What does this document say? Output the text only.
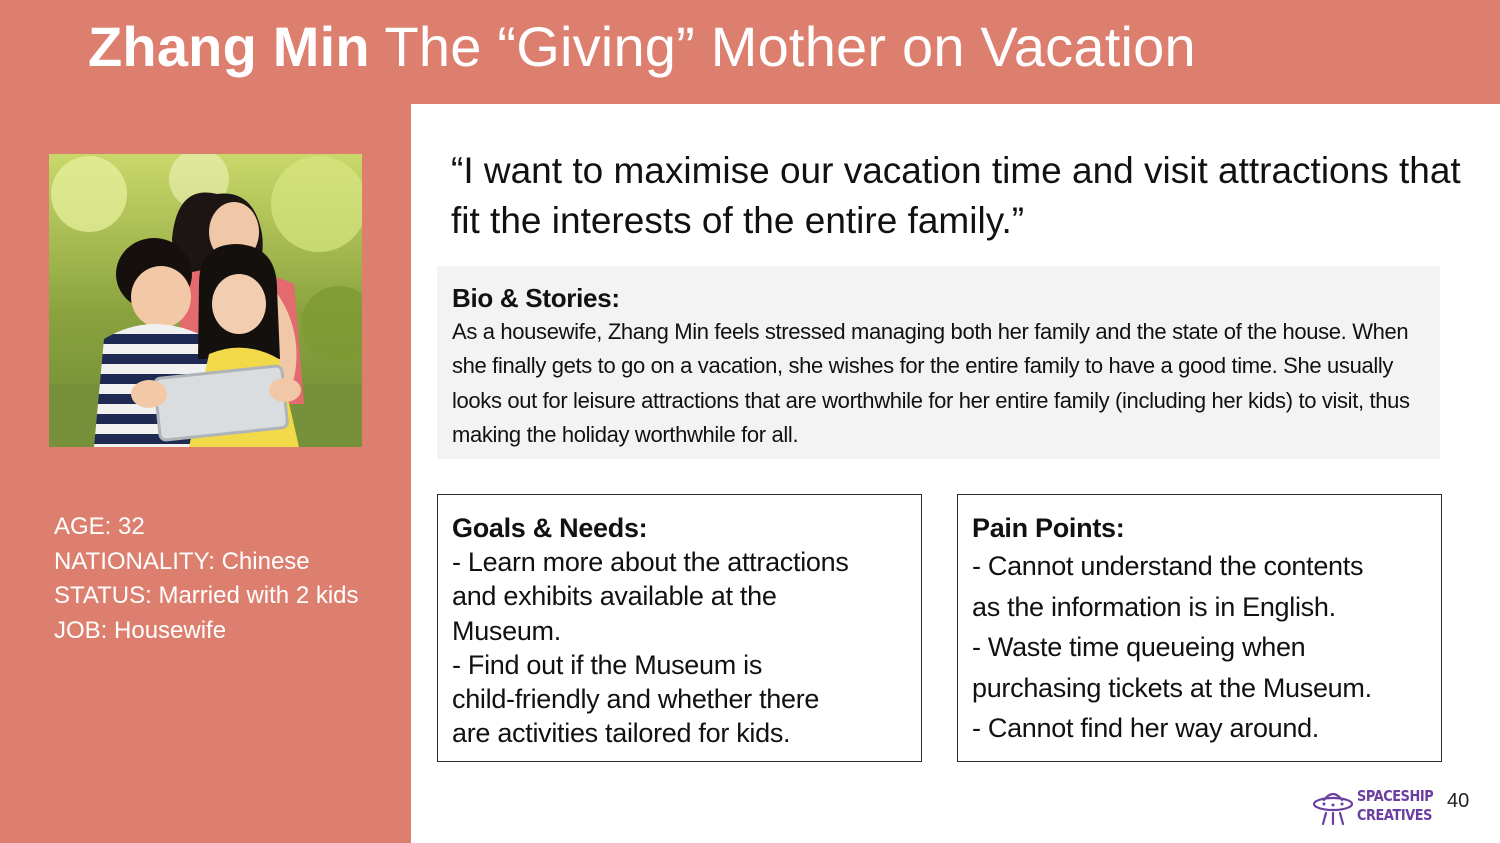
Zhang Min The “Giving” Mother on Vacation
AGE: 32
NATIONALITY: Chinese
STATUS: Married with 2 kids
JOB: Housewife
“I want to maximise our vacation time and visit attractions that fit the interests of the entire family.”
Bio & Stories:
As a housewife, Zhang Min feels stressed managing both her family and the state of the house. When she finally gets to go on a vacation, she wishes for the entire family to have a good time. She usually looks out for leisure attractions that are worthwhile for her entire family (including her kids) to visit, thus making the holiday worthwhile for all.
Goals & Needs:
- Learn more about the attractions
and exhibits available at the
Museum.
- Find out if the Museum is
child-friendly and whether there
are activities tailored for kids.
Pain Points:
- Cannot understand the contents
as the information is in English.
- Waste time queueing when
purchasing tickets at the Museum.
- Cannot find her way around.
SPACESHIP
CREATIVES
40
